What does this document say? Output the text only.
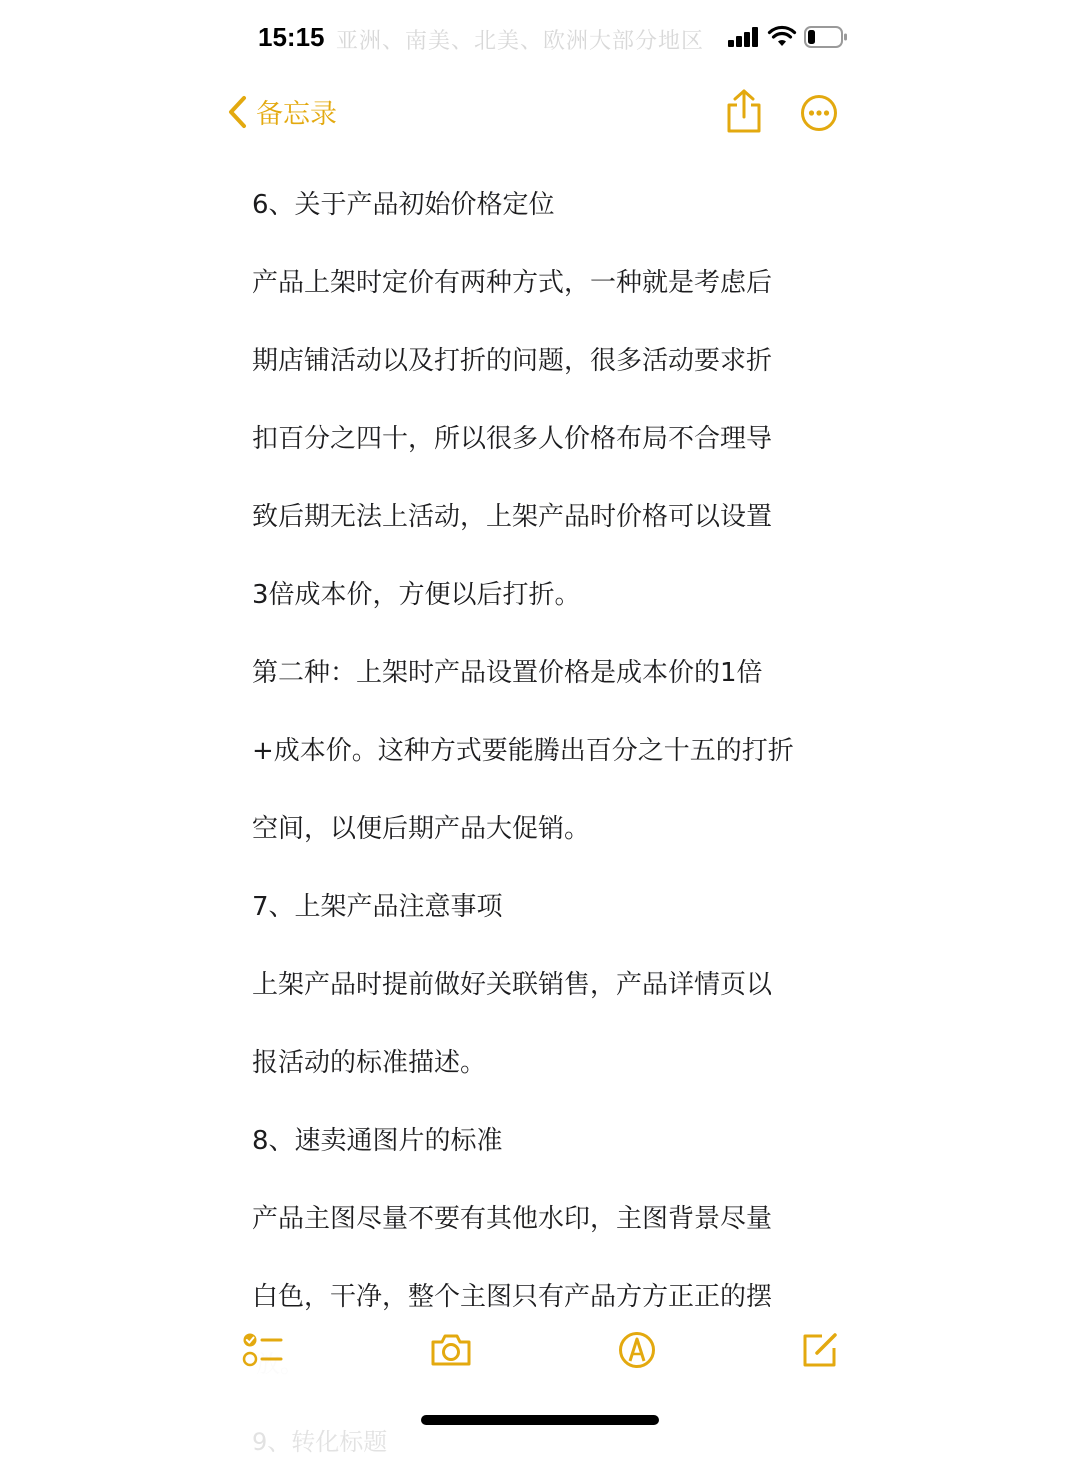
亚洲、南美、北美、欧洲大部分地区
15:15
备忘录
6、关于产品初始价格定位
产品上架时定价有两种方式，一种就是考虑后
期店铺活动以及打折的问题，很多活动要求折
扣百分之四十，所以很多人价格布局不合理导
致后期无法上活动，上架产品时价格可以设置
3倍成本价，方便以后打折。
第二种：上架时产品设置价格是成本价的1倍
+成本价。这种方式要能腾出百分之十五的打折
空间，以便后期产品大促销。
7、上架产品注意事项
上架产品时提前做好关联销售，产品详情页以
报活动的标准描述。
8、速卖通图片的标准
产品主图尽量不要有其他水印，主图背景尽量
白色，干净，整个主图只有产品方方正正的摆
9、转化标题
